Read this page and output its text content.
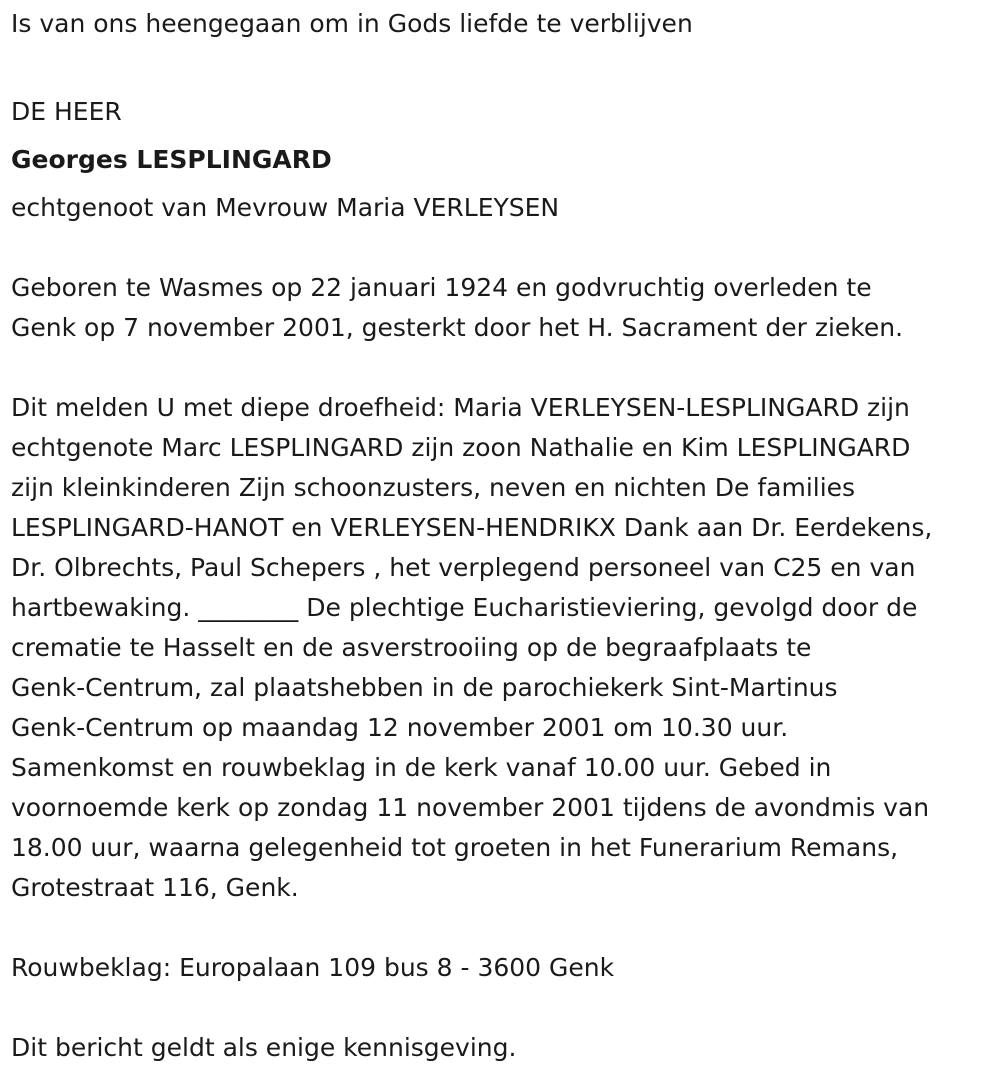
Is van ons heengegaan om in Gods liefde te verblijven

DE HEER

Georges LESPLINGARD

echtgenoot van Mevrouw Maria VERLEYSEN

Geboren te Wasmes op 22 januari 1924 en godvruchtig overleden te

Genk op 7 november 2001, gesterkt door het H. Sacrament der zieken.

Dit melden U met diepe droefheid: Maria VERLEYSEN-LESPLINGARD zijn

echtgenote Marc LESPLINGARD zijn zoon Nathalie en Kim LESPLINGARD

zijn kleinkinderen Zijn schoonzusters, neven en nichten De families

LESPLINGARD-HANOT en VERLEYSEN-HENDRIKX Dank aan Dr. Eerdekens,

Dr. Olbrechts, Paul Schepers , het verplegend personeel van C25 en van

hartbewaking. ________ De plechtige Eucharistieviering, gevolgd door de

crematie te Hasselt en de asverstrooiing op de begraafplaats te

Genk-Centrum, zal plaatshebben in de parochiekerk Sint-Martinus

Genk-Centrum op maandag 12 november 2001 om 10.30 uur.

Samenkomst en rouwbeklag in de kerk vanaf 10.00 uur. Gebed in

voornoemde kerk op zondag 11 november 2001 tijdens de avondmis van

18.00 uur, waarna gelegenheid tot groeten in het Funerarium Remans,

Grotestraat 116, Genk.

Rouwbeklag: Europalaan 109 bus 8 - 3600 Genk

Dit bericht geldt als enige kennisgeving.
